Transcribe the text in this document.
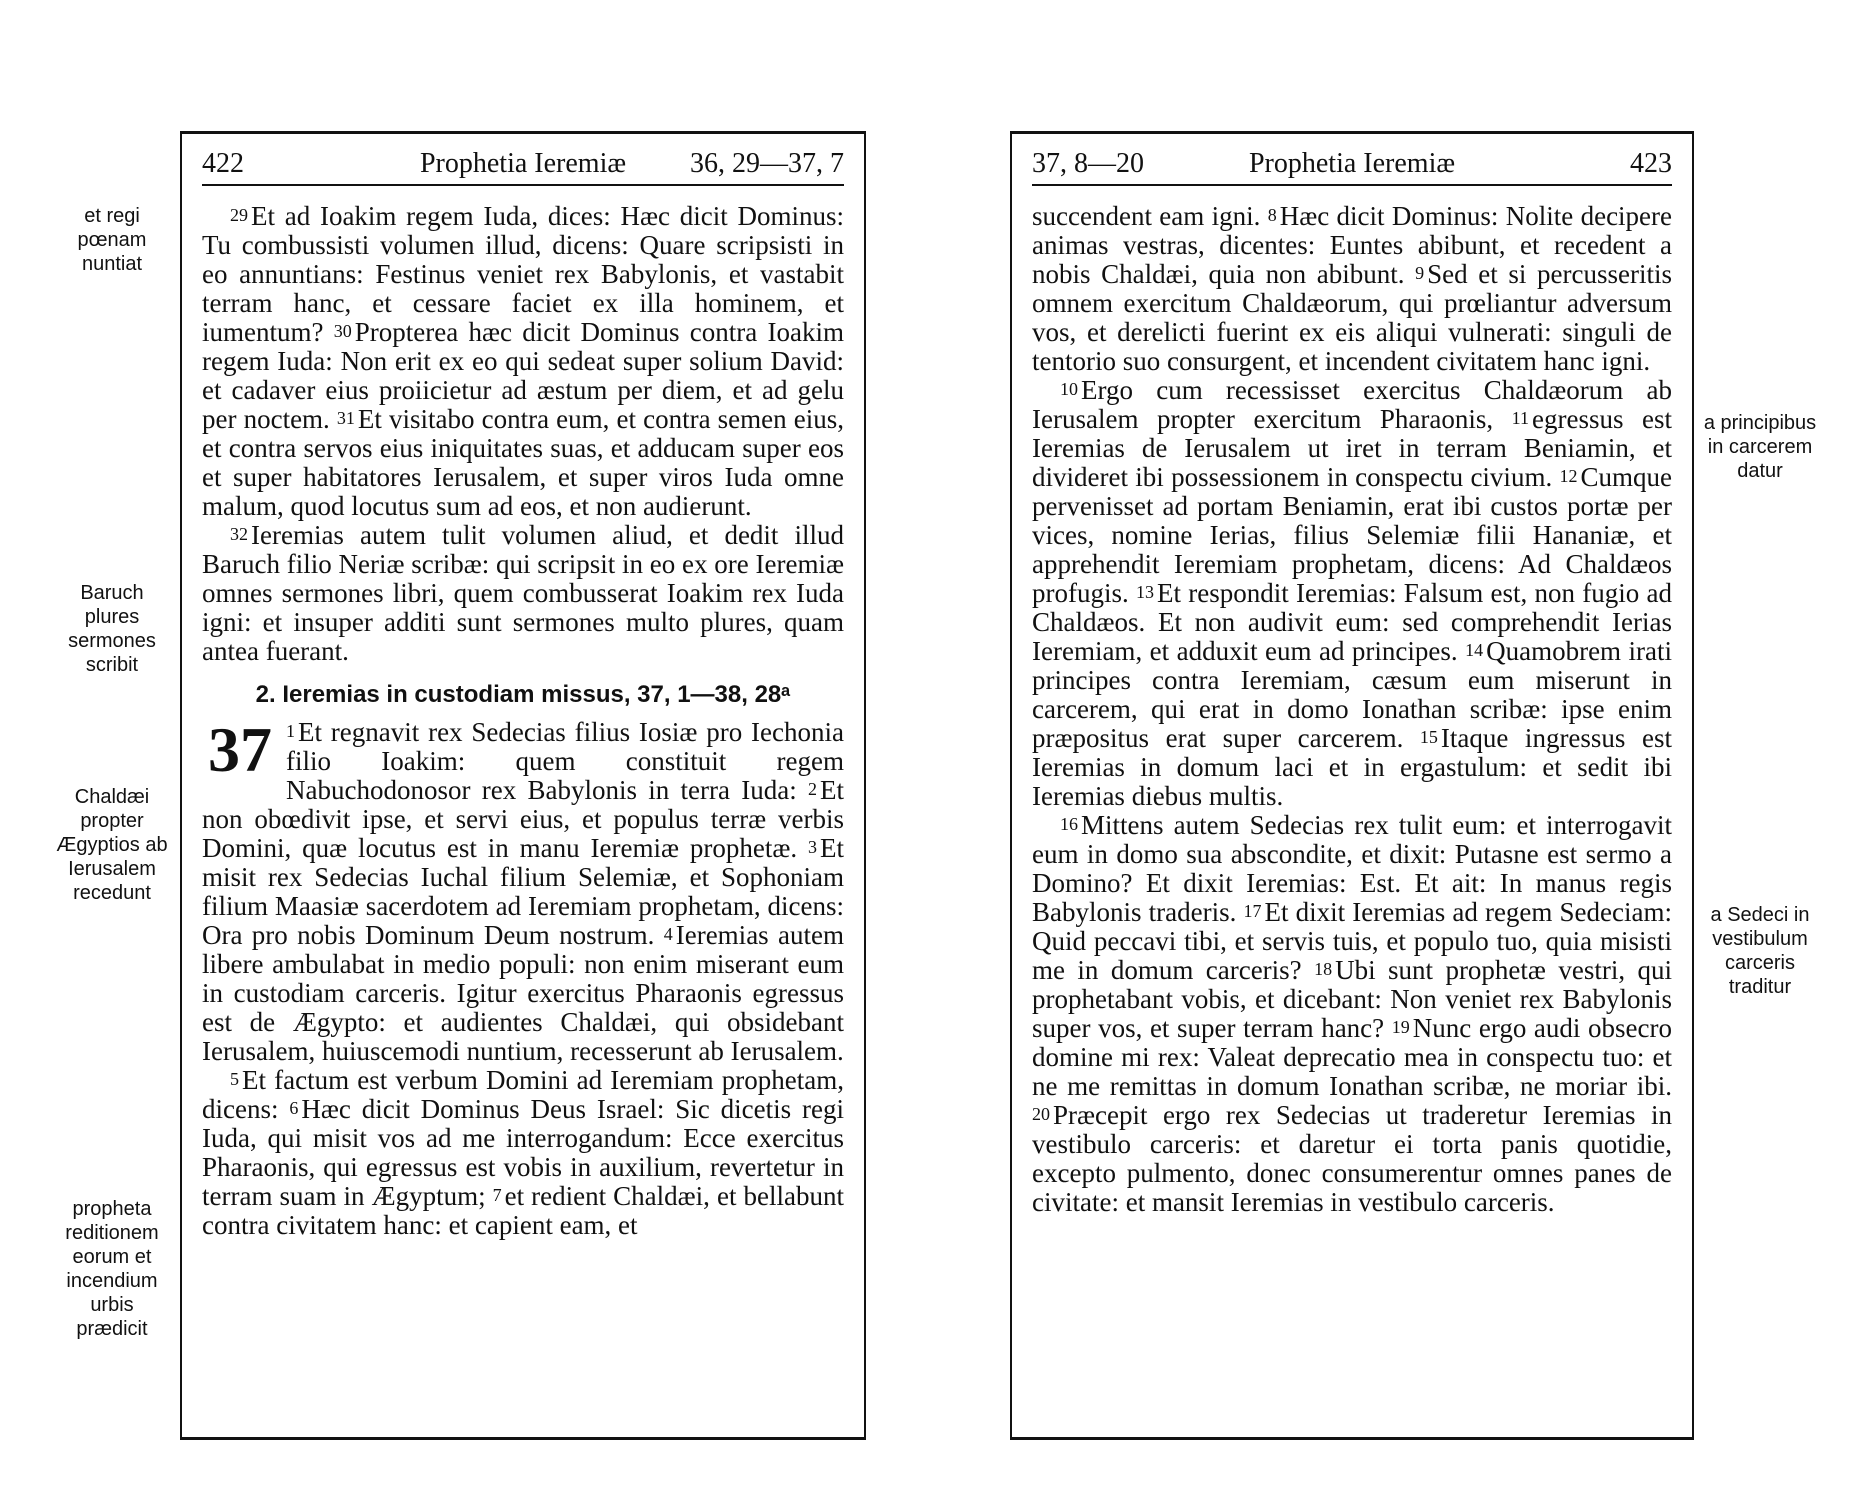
et regi pœnam nuntiat
Baruch plures sermones scribit
Chaldæi propter Ægyptios ab Ierusalem recedunt
propheta reditionem eorum et incendium urbis prædicit
a principibus in carcerem datur
a Sedeci in vestibulum carceris traditur
422	Prophetia Ieremiæ	36, 29—37, 7

$^{29}$ Et ad Ioakim regem Iuda, dices: Hæc dicit Dominus: Tu combussisti volumen illud, dicens: Quare scripsisti in eo annuntians: Festinus veniet rex Babylonis, et vastabit terram hanc, et cessare faciet ex illa hominem, et iumentum? $^{30}$ Propterea hæc dicit Dominus contra Ioakim regem Iuda: Non erit ex eo qui sedeat super solium David: et cadaver eius proiicietur ad æstum per diem, et ad gelu per noctem. $^{31}$ Et visitabo contra eum, et contra semen eius, et contra servos eius iniquitates suas, et adducam super eos et super habitatores Ierusalem, et super viros Iuda omne malum, quod locutus sum ad eos, et non audierunt.

$^{32}$ Ieremias autem tulit volumen aliud, et dedit illud Baruch filio Neriæ scribæ: qui scripsit in eo ex ore Ieremiæ omnes sermones libri, quem combusserat Ioakim rex Iuda igni: et insuper additi sunt sermones multo plures, quam antea fuerant.

2. Ieremias in custodiam missus, 37, 1—38, 28ᵃ
37 $^1$ Et regnavit rex Sedecias filius Iosiæ pro Iechonia filio Ioakim: quem constituit regem Nabuchodonosor rex Babylonis in terra Iuda: $^2$ Et non obœdivit ipse, et servi eius, et populus terræ verbis Domini, quæ locutus est in manu Ieremiæ prophetæ. $^3$ Et misit rex Sedecias Iuchal filium Selemiæ, et Sophoniam filium Maasiæ sacerdotem ad Ieremiam prophetam, dicens: Ora pro nobis Dominum Deum nostrum. $^4$ Ieremias autem libere ambulabat in medio populi: non enim miserant eum in custodiam carceris. Igitur exercitus Pharaonis egressus est de Ægypto: et audientes Chaldæi, qui obsidebant Ierusalem, huiuscemodi nuntium, recesserunt ab Ierusalem.

$^5$ Et factum est verbum Domini ad Ieremiam prophetam, dicens: $^6$ Hæc dicit Dominus Deus Israel: Sic dicetis regi Iuda, qui misit vos ad me interrogandum: Ecce exercitus Pharaonis, qui egressus est vobis in auxilium, revertetur in terram suam in Ægyptum; $^7$ et redient Chaldæi, et bellabunt contra civitatem hanc: et capient eam, et

37, 8—20	Prophetia Ieremiæ	423

succendent eam igni. $^8$ Hæc dicit Dominus: Nolite decipere animas vestras, dicentes: Euntes abibunt, et recedent a nobis Chaldæi, quia non abibunt. $^9$ Sed et si percusseritis omnem exercitum Chaldæorum, qui prœliantur adversum vos, et derelicti fuerint ex eis aliqui vulnerati: singuli de tentorio suo consurgent, et incendent civitatem hanc igni.

$^{10}$ Ergo cum recessisset exercitus Chaldæorum ab Ierusalem propter exercitum Pharaonis, $^{11}$ egressus est Ieremias de Ierusalem ut iret in terram Beniamin, et divideret ibi possessionem in conspectu civium. $^{12}$ Cumque pervenisset ad portam Beniamin, erat ibi custos portæ per vices, nomine Ierias, filius Selemiæ filii Hananiæ, et apprehendit Ieremiam prophetam, dicens: Ad Chaldæos profugis. $^{13}$ Et respondit Ieremias: Falsum est, non fugio ad Chaldæos. Et non audivit eum: sed comprehendit Ierias Ieremiam, et adduxit eum ad principes. $^{14}$ Quamobrem irati principes contra Ieremiam, cæsum eum miserunt in carcerem, qui erat in domo Ionathan scribæ: ipse enim præpositus erat super carcerem. $^{15}$ Itaque ingressus est Ieremias in domum laci et in ergastulum: et sedit ibi Ieremias diebus multis.

$^{16}$ Mittens autem Sedecias rex tulit eum: et interrogavit eum in domo sua abscondite, et dixit: Putasne est sermo a Domino? Et dixit Ieremias: Est. Et ait: In manus regis Babylonis traderis. $^{17}$ Et dixit Ieremias ad regem Sedeciam: Quid peccavi tibi, et servis tuis, et populo tuo, quia misisti me in domum carceris? $^{18}$ Ubi sunt prophetæ vestri, qui prophetabant vobis, et dicebant: Non veniet rex Babylonis super vos, et super terram hanc? $^{19}$ Nunc ergo audi obsecro domine mi rex: Valeat deprecatio mea in conspectu tuo: et ne me remittas in domum Ionathan scribæ, ne moriar ibi. $^{20}$ Præcepit ergo rex Sedecias ut traderetur Ieremias in vestibulo carceris: et daretur ei torta panis quotidie, excepto pulmento, donec consumerentur omnes panes de civitate: et mansit Ieremias in vestibulo carceris.
